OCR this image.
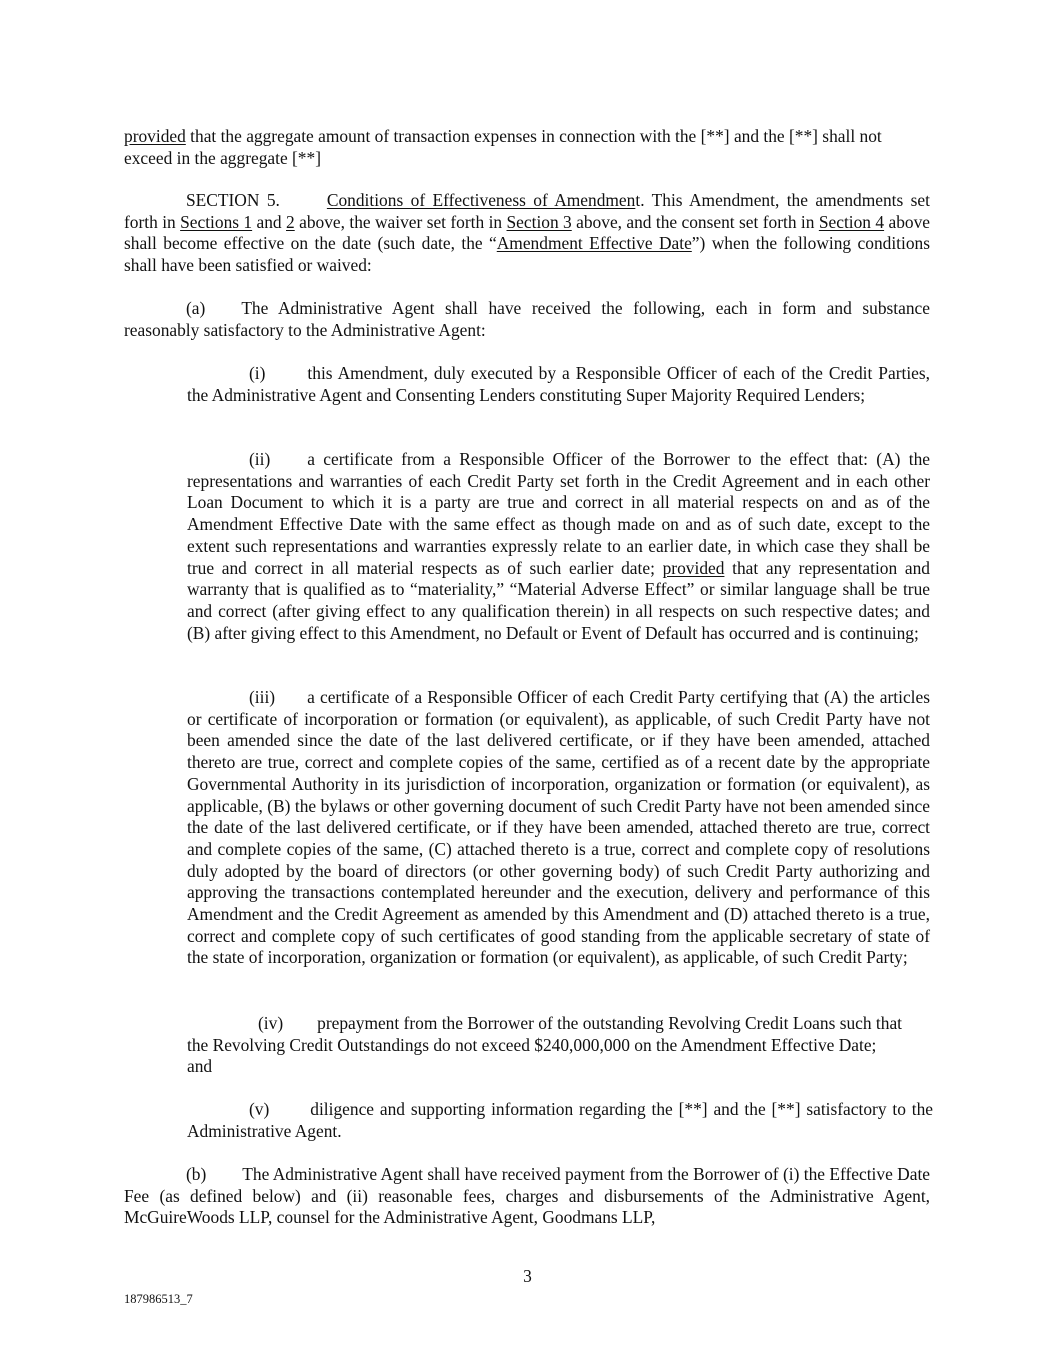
provided that the aggregate amount of transaction expenses in connection with the [**] and the [**] shall not exceed in the aggregate [**]

SECTION 5.	Conditions of Effectiveness of Amendment. This Amendment, the amendments set forth in Sections 1 and 2 above, the waiver set forth in Section 3 above, and the consent set forth in Section 4 above shall become effective on the date (such date, the “Amendment Effective Date”) when the following conditions shall have been satisfied or waived:

(a) The Administrative Agent shall have received the following, each in form and substance reasonably satisfactory to the Administrative Agent:

(i) this Amendment, duly executed by a Responsible Officer of each of the Credit Parties, the Administrative Agent and Consenting Lenders constituting Super Majority Required Lenders;

(ii) a certificate from a Responsible Officer of the Borrower to the effect that: (A) the representations and warranties of each Credit Party set forth in the Credit Agreement and in each other Loan Document to which it is a party are true and correct in all material respects on and as of the Amendment Effective Date with the same effect as though made on and as of such date, except to the extent such representations and warranties expressly relate to an earlier date, in which case they shall be true and correct in all material respects as of such earlier date; provided that any representation and warranty that is qualified as to “materiality,” “Material Adverse Effect” or similar language shall be true and correct (after giving effect to any qualification therein) in all respects on such respective dates; and (B) after giving effect to this Amendment, no Default or Event of Default has occurred and is continuing;

(iii) a certificate of a Responsible Officer of each Credit Party certifying that (A) the articles or certificate of incorporation or formation (or equivalent), as applicable, of such Credit Party have not been amended since the date of the last delivered certificate, or if they have been amended, attached thereto are true, correct and complete copies of the same, certified as of a recent date by the appropriate Governmental Authority in its jurisdiction of incorporation, organization or formation (or equivalent), as applicable, (B) the bylaws or other governing document of such Credit Party have not been amended since the date of the last delivered certificate, or if they have been amended, attached thereto are true, correct and complete copies of the same, (C) attached thereto is a true, correct and complete copy of resolutions duly adopted by the board of directors (or other governing body) of such Credit Party authorizing and approving the transactions contemplated hereunder and the execution, delivery and performance of this Amendment and the Credit Agreement as amended by this Amendment and (D) attached thereto is a true, correct and complete copy of such certificates of good standing from the applicable secretary of state of the state of incorporation, organization or formation (or equivalent), as applicable, of such Credit Party;

(iv) prepayment from the Borrower of the outstanding Revolving Credit Loans such that the Revolving Credit Outstandings do not exceed $240,000,000 on the Amendment Effective Date; and

(v) diligence and supporting information regarding the [**] and the [**] satisfactory to the Administrative Agent.

(b) The Administrative Agent shall have received payment from the Borrower of (i) the Effective Date Fee (as defined below) and (ii) reasonable fees, charges and disbursements of the Administrative Agent, McGuireWoods LLP, counsel for the Administrative Agent, Goodmans LLP,

3
187986513_7
